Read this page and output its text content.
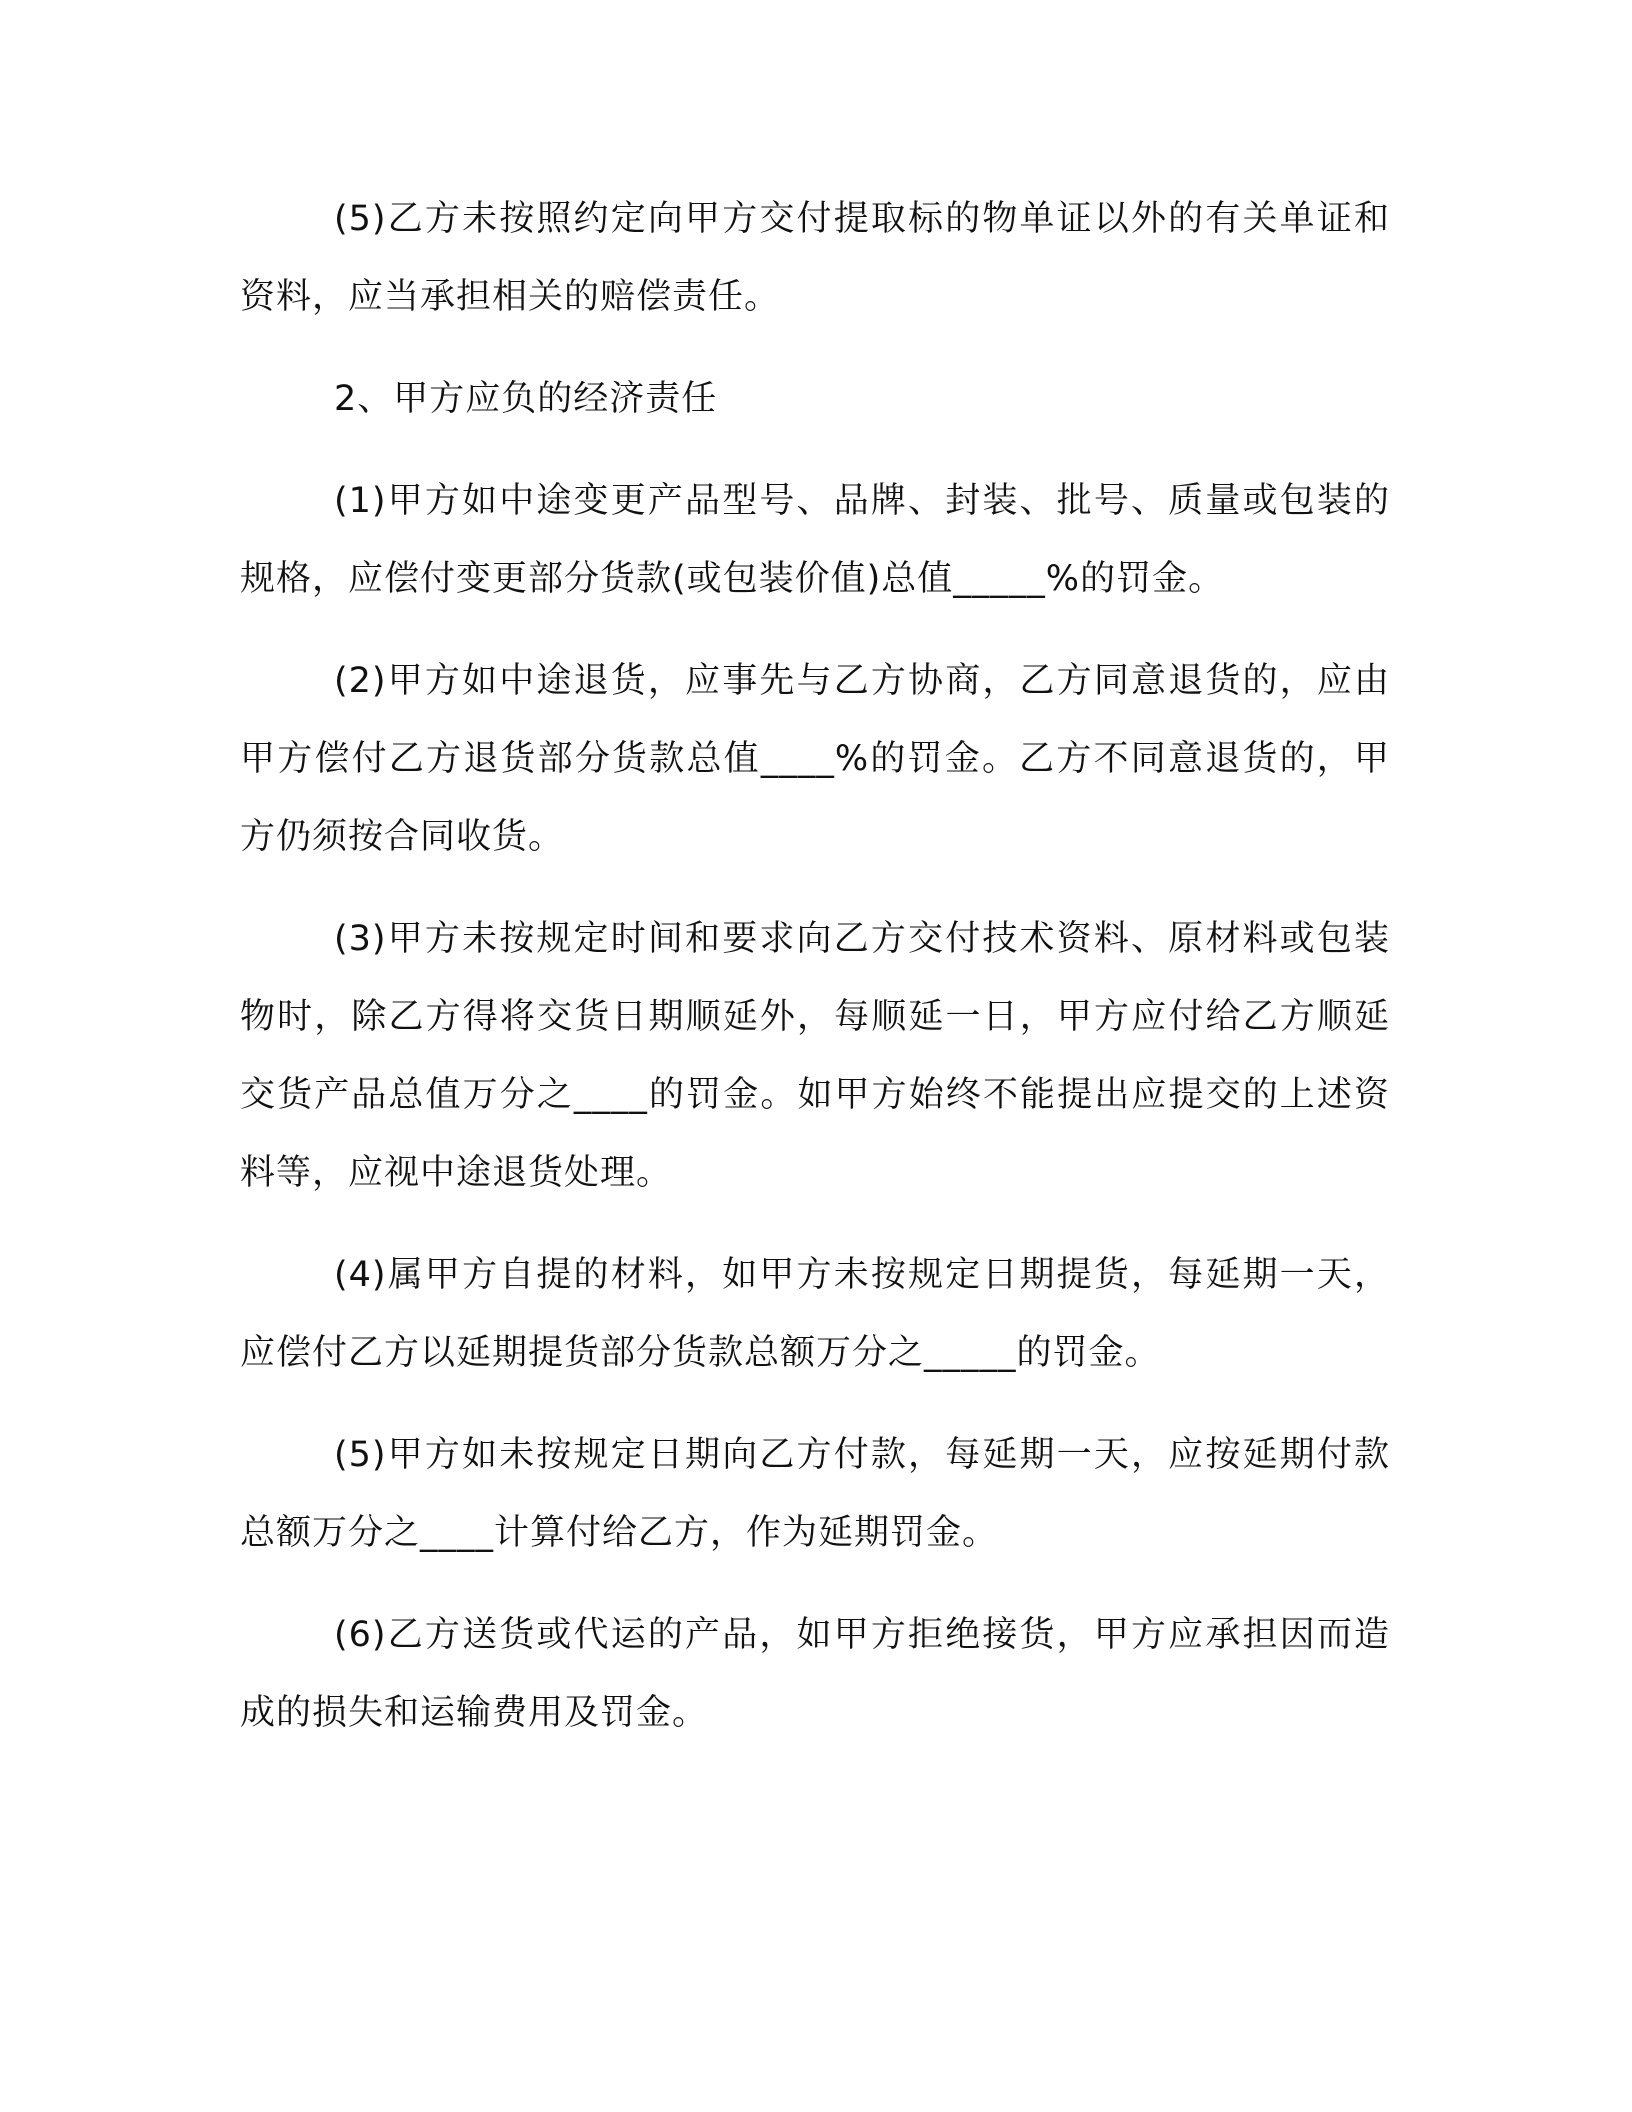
(5)乙方未按照约定向甲方交付提取标的物单证以外的有关单证和资料，应当承担相关的赔偿责任。

2、甲方应负的经济责任

(1)甲方如中途变更产品型号、品牌、封装、批号、质量或包装的规格，应偿付变更部分货款(或包装价值)总值_____%的罚金。

(2)甲方如中途退货，应事先与乙方协商，乙方同意退货的，应由甲方偿付乙方退货部分货款总值____%的罚金。乙方不同意退货的，甲方仍须按合同收货。

(3)甲方未按规定时间和要求向乙方交付技术资料、原材料或包装物时，除乙方得将交货日期顺延外，每顺延一日，甲方应付给乙方顺延交货产品总值万分之____的罚金。如甲方始终不能提出应提交的上述资料等，应视中途退货处理。

(4)属甲方自提的材料，如甲方未按规定日期提货，每延期一天，应偿付乙方以延期提货部分货款总额万分之_____的罚金。

(5)甲方如未按规定日期向乙方付款，每延期一天，应按延期付款总额万分之____计算付给乙方，作为延期罚金。

(6)乙方送货或代运的产品，如甲方拒绝接货，甲方应承担因而造成的损失和运输费用及罚金。
